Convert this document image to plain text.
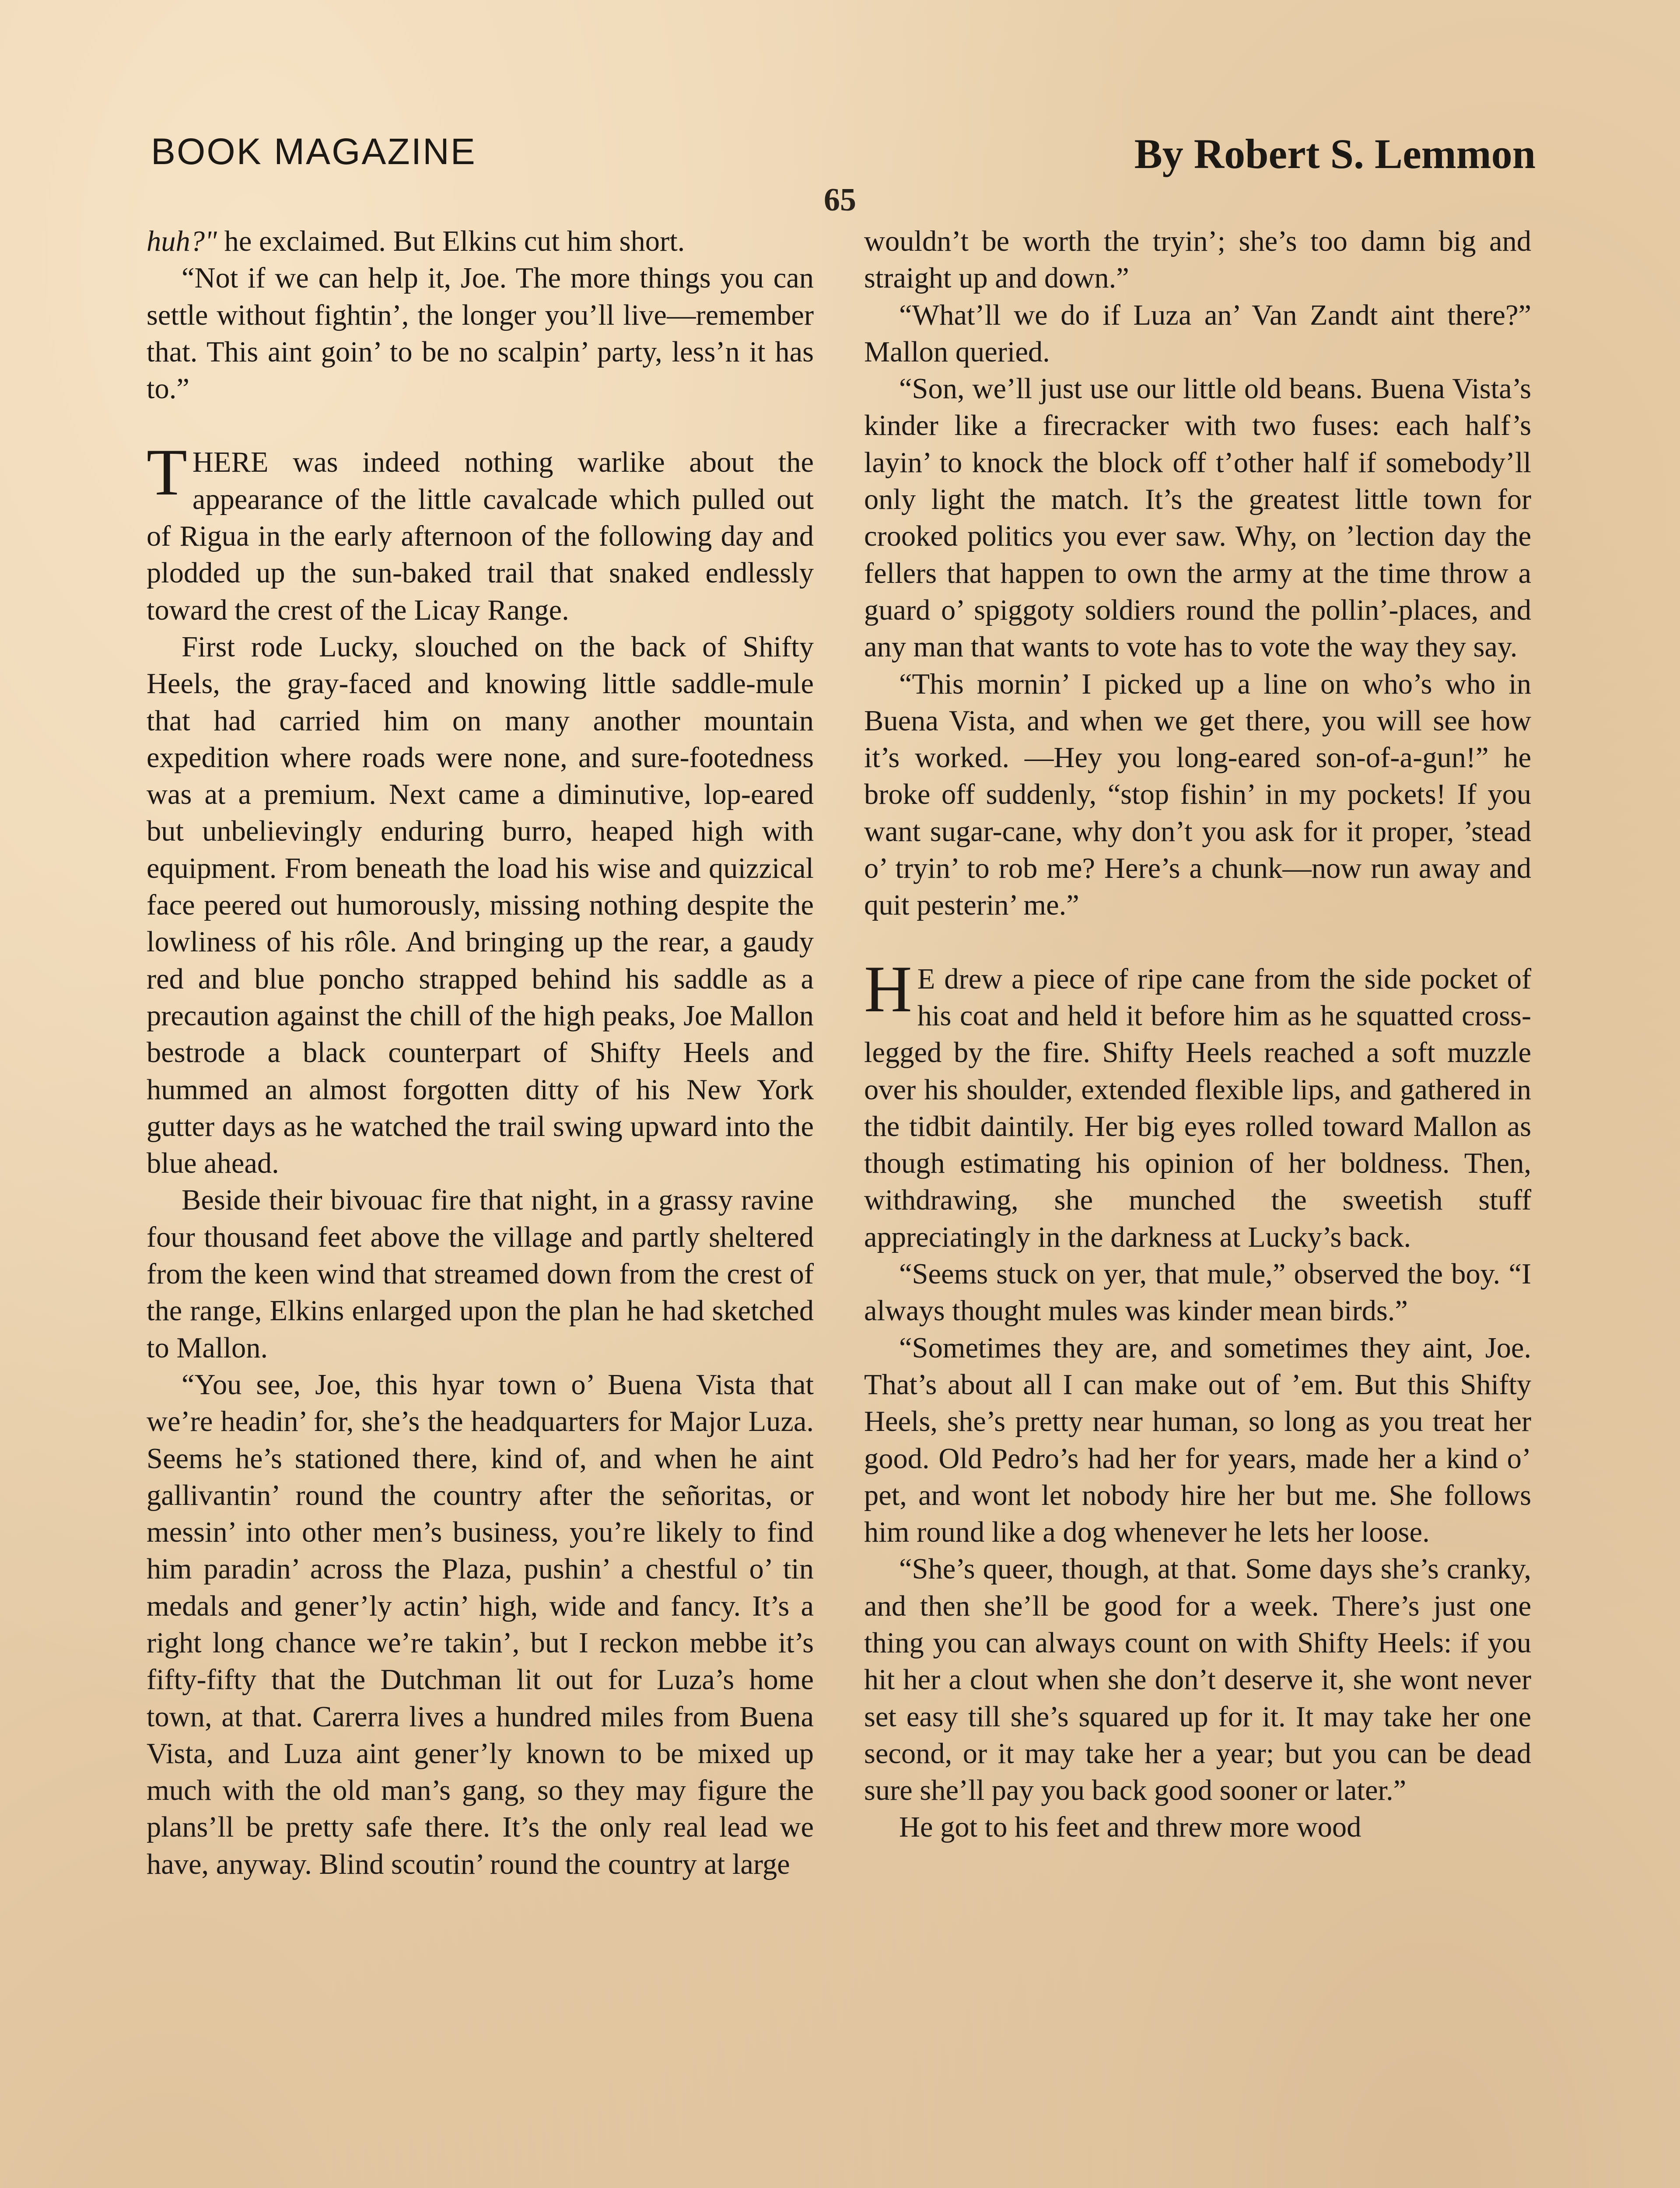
BOOK MAGAZINE	By Robert S. Lemmon
65

huh?" he exclaimed. But Elkins cut him short.

“Not if we can help it, Joe. The more things you can settle without fightin’, the longer you’ll live—remember that. This aint goin’ to be no scalpin’ party, less’n it has to.”

THERE was indeed nothing warlike about the appearance of the little cavalcade which pulled out of Rigua in the early afternoon of the following day and plodded up the sun-baked trail that snaked endlessly toward the crest of the Licay Range.

First rode Lucky, slouched on the back of Shifty Heels, the gray-faced and knowing little saddle-mule that had carried him on many another mountain expedition where roads were none, and sure-footedness was at a premium. Next came a diminutive, lop-eared but unbelievingly enduring burro, heaped high with equipment. From beneath the load his wise and quizzical face peered out humorously, missing nothing despite the lowliness of his rôle. And bringing up the rear, a gaudy red and blue poncho strapped behind his saddle as a precaution against the chill of the high peaks, Joe Mallon bestrode a black counterpart of Shifty Heels and hummed an almost forgotten ditty of his New York gutter days as he watched the trail swing upward into the blue ahead.

Beside their bivouac fire that night, in a grassy ravine four thousand feet above the village and partly sheltered from the keen wind that streamed down from the crest of the range, Elkins enlarged upon the plan he had sketched to Mallon.

“You see, Joe, this hyar town o’ Buena Vista that we’re headin’ for, she’s the headquarters for Major Luza. Seems he’s stationed there, kind of, and when he aint gallivantin’ round the country after the señoritas, or messin’ into other men’s business, you’re likely to find him paradin’ across the Plaza, pushin’ a chestful o’ tin medals and gener’ly actin’ high, wide and fancy. It’s a right long chance we’re takin’, but I reckon mebbe it’s fifty-fifty that the Dutchman lit out for Luza’s home town, at that. Carerra lives a hundred miles from Buena Vista, and Luza aint gener’ly known to be mixed up much with the old man’s gang, so they may figure the plans’ll be pretty safe there. It’s the only real lead we have, anyway. Blind scoutin’ round the country at large

wouldn’t be worth the tryin’; she’s too damn big and straight up and down.”

“What’ll we do if Luza an’ Van Zandt aint there?” Mallon queried.

“Son, we’ll just use our little old beans. Buena Vista’s kinder like a firecracker with two fuses: each half’s layin’ to knock the block off t’other half if somebody’ll only light the match. It’s the greatest little town for crooked politics you ever saw. Why, on ’lection day the fellers that happen to own the army at the time throw a guard o’ spiggoty soldiers round the pollin’-places, and any man that wants to vote has to vote the way they say.

“This mornin’ I picked up a line on who’s who in Buena Vista, and when we get there, you will see how it’s worked. —Hey you long-eared son-of-a-gun!” he broke off suddenly, “stop fishin’ in my pockets! If you want sugar-cane, why don’t you ask for it proper, ’stead o’ tryin’ to rob me? Here’s a chunk—now run away and quit pesterin’ me.”

H E drew a piece of ripe cane from the side pocket of his coat and held it before him as he squatted cross-legged by the fire. Shifty Heels reached a soft muzzle over his shoulder, extended flexible lips, and gathered in the tidbit daintily. Her big eyes rolled toward Mallon as though estimating his opinion of her boldness. Then, withdrawing, she munched the sweetish stuff appreciatingly in the darkness at Lucky’s back.

“Seems stuck on yer, that mule,” observed the boy. “I always thought mules was kinder mean birds.”

“Sometimes they are, and sometimes they aint, Joe. That’s about all I can make out of ’em. But this Shifty Heels, she’s pretty near human, so long as you treat her good. Old Pedro’s had her for years, made her a kind o’ pet, and wont let nobody hire her but me. She follows him round like a dog whenever he lets her loose.

“She’s queer, though, at that. Some days she’s cranky, and then she’ll be good for a week. There’s just one thing you can always count on with Shifty Heels: if you hit her a clout when she don’t deserve it, she wont never set easy till she’s squared up for it. It may take her one second, or it may take her a year; but you can be dead sure she’ll pay you back good sooner or later.”

He got to his feet and threw more wood
